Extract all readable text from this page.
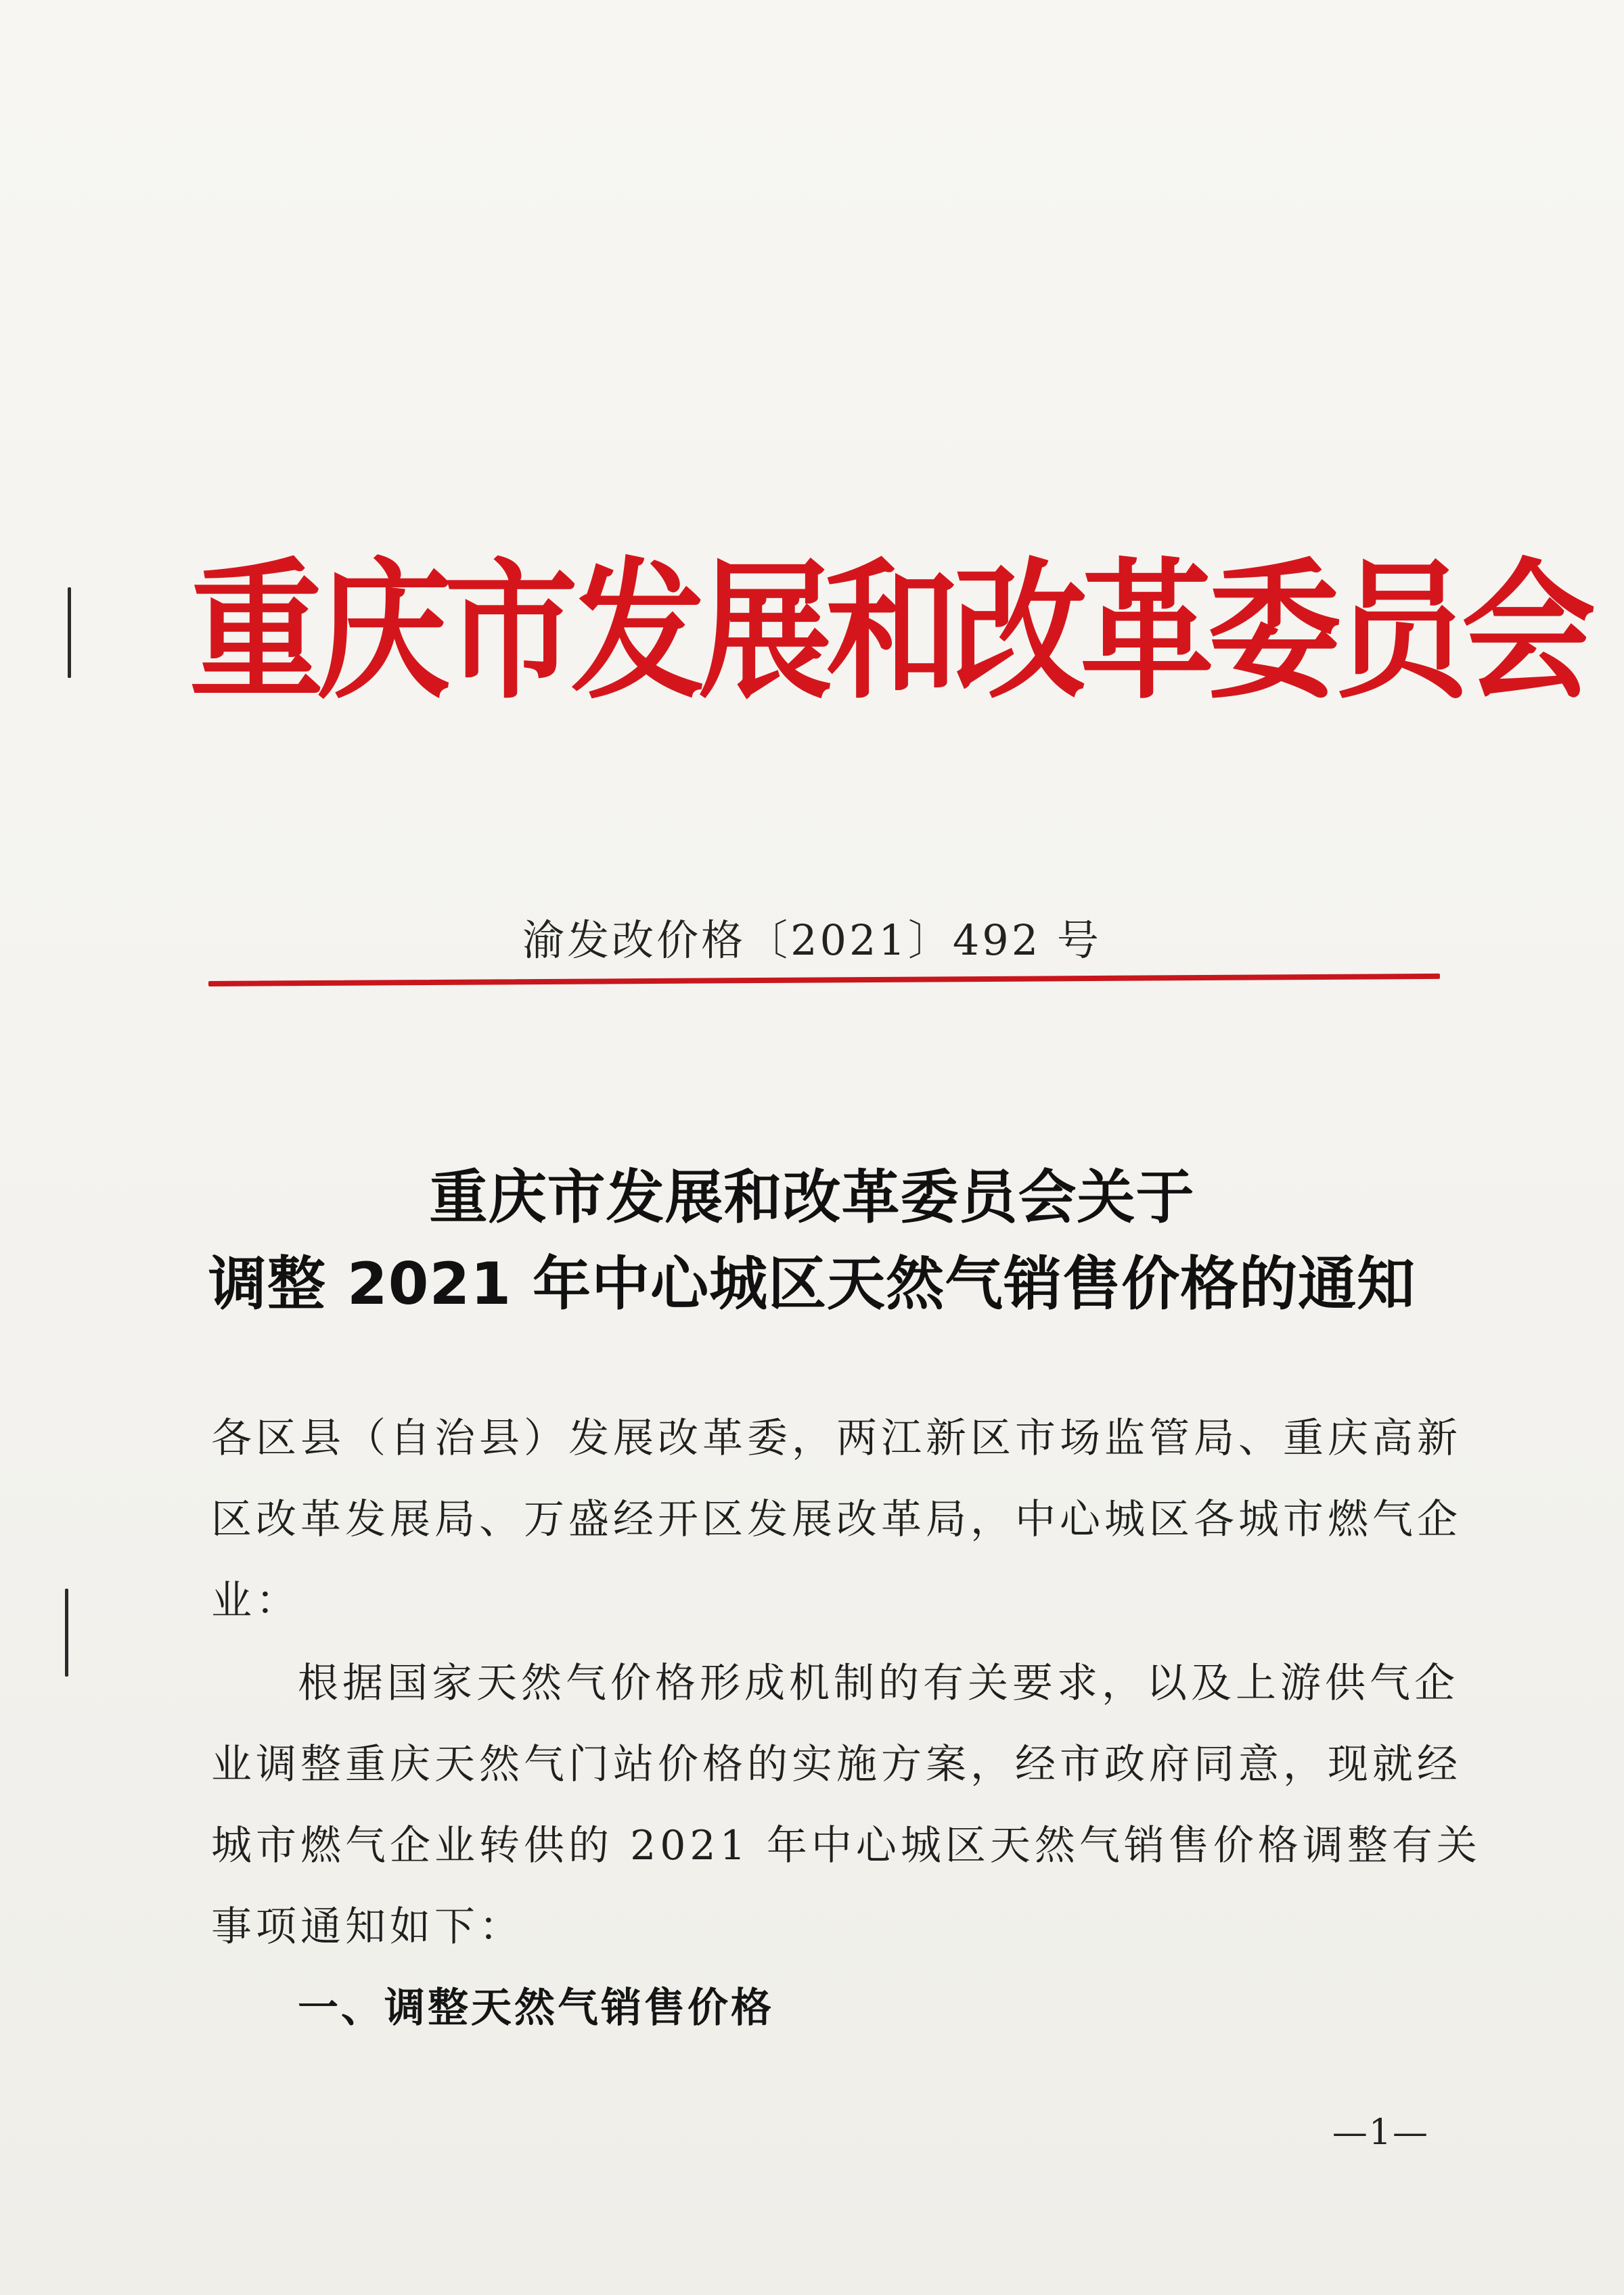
重庆市发展和改革委员会
渝发改价格〔2021〕492 号
重庆市发展和改革委员会关于
调整 2021 年中心城区天然气销售价格的通知
各区县（自治县）发展改革委，两江新区市场监管局、重庆高新
区改革发展局、万盛经开区发展改革局，中心城区各城市燃气企
业：
根据国家天然气价格形成机制的有关要求，以及上游供气企
业调整重庆天然气门站价格的实施方案，经市政府同意，现就经
城市燃气企业转供的 2021 年中心城区天然气销售价格调整有关
事项通知如下：
一、调整天然气销售价格
—1—
